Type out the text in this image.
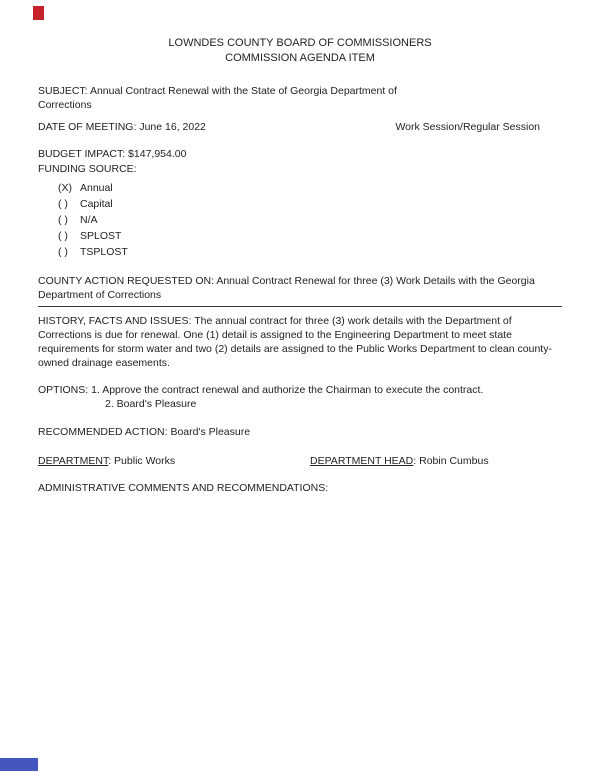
LOWNDES COUNTY BOARD OF COMMISSIONERS
COMMISSION AGENDA ITEM

SUBJECT: Annual Contract Renewal with the State of Georgia Department of Corrections

DATE OF MEETING: June 16, 2022	Work Session/Regular Session

BUDGET IMPACT: $147,954.00

FUNDING SOURCE:

(X) Annual
( ) Capital
( ) N/A
( ) SPLOST
( ) TSPLOST

COUNTY ACTION REQUESTED ON: Annual Contract Renewal for three (3) Work Details with the Georgia Department of Corrections

HISTORY, FACTS AND ISSUES: The annual contract for three (3) work details with the Department of Corrections is due for renewal. One (1) detail is assigned to the Engineering Department to meet state requirements for storm water and two (2) details are assigned to the Public Works Department to clean county-owned drainage easements.

OPTIONS: 1. Approve the contract renewal and authorize the Chairman to execute the contract.

2. Board's Pleasure

RECOMMENDED ACTION: Board's Pleasure

DEPARTMENT: Public Works	DEPARTMENT HEAD: Robin Cumbus

ADMINISTRATIVE COMMENTS AND RECOMMENDATIONS:
